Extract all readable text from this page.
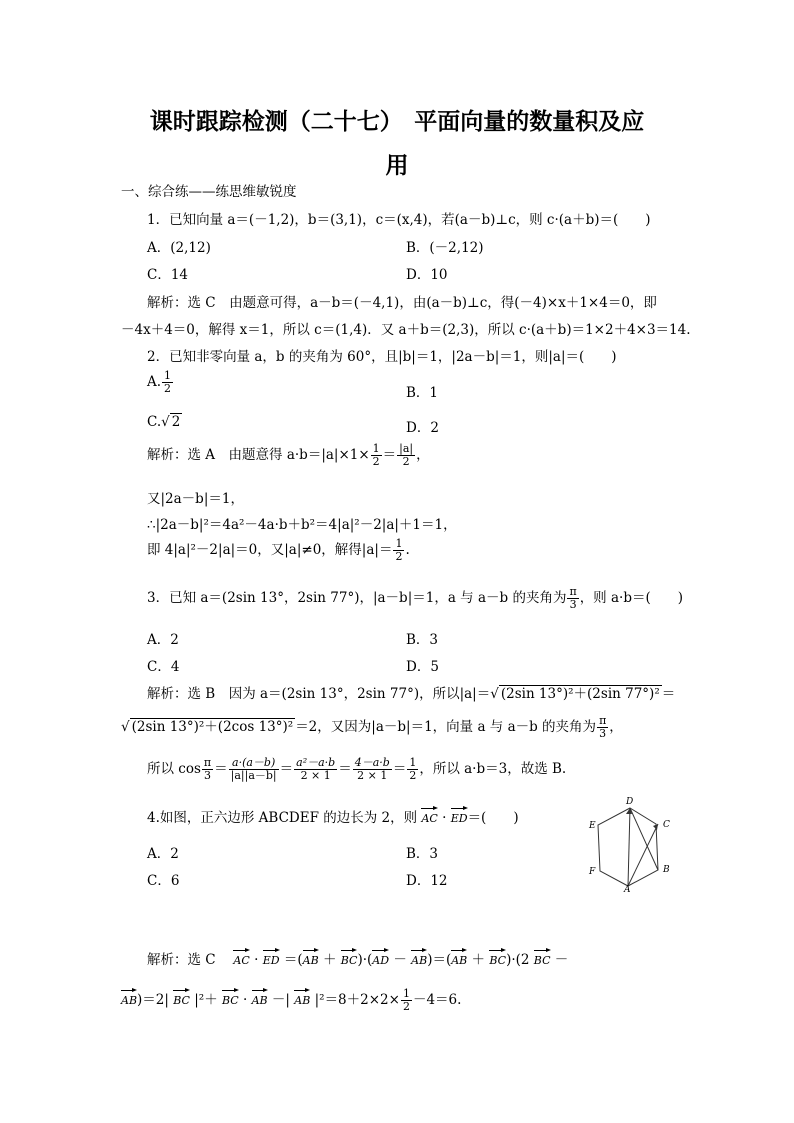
课时跟踪检测（二十七）　平面向量的数量积及应
用
一、综合练——练思维敏锐度
1．已知向量 a＝(－1,2)，b＝(3,1)，c＝(x,4)，若(a－b)⊥c，则 c·(a＋b)＝(　　)
A．(2,12)	B．(－2,12)
C．14	D．10
解析：选 C　由题意可得，a－b＝(－4,1)，由(a－b)⊥c，得(－4)×x＋1×4＝0，即
－4x＋4＝0，解得 x＝1，所以 c＝(1,4)．又 a＋b＝(2,3)，所以 c·(a＋b)＝1×2＋4×3＝14.
2．已知非零向量 a，b 的夹角为 60°，且|b|＝1，|2a－b|＝1，则|a|＝(　　)
A. $\frac{1}{2}$	B．1
C.√ 2	D．2
解析：选 A　由题意得 $a\cdot b=|a|\times 1\times \frac{1}{2} = \frac{|a|}{2}$ ，
又|2a－b|＝1，
∴|2a－b|²＝4a²－4a·b＋b²＝4|a|²－2|a|＋1＝1，
即 4|a|²－2|a|＝0，又|a|≠0，解得$|a|= \frac{1}{2}$ .
3．已知 a＝(2sin 13°，2sin 77°)，|a－b|＝1，a 与 a－b 的夹角为 $\frac{\pi}{3}$ ，则 a·b＝(　　)
A．2	B．3
C．4	D．5
解析：选 B　因为 a＝(2sin 13°，2sin 77°)，所以|a|＝√ (2sin 13°)²＋(2sin 77°)² ＝
√ (2sin 13°)²＋(2cos 13°)² ＝2，又因为|a－b|＝1，向量 a 与 a－b 的夹角为 $\frac{\pi}{3}$ ，
所以 $\cos \frac{\pi}{3} = \frac{a\cdot(a-b)}{|a||a-b|} = \frac{\text{a²－a·b}}{2 \times 1} = \frac{4-a\cdot b}{2 \times 1} = \frac{1}{2}$ ，所以 a·b＝3，故选 B.
4.如图，正六边形 ABCDEF 的边长为 2，则 AC · ED＝(　　)
A．2	B．3
C．6	D．12
D
C
B
A
F
E
解析：选 C　 AC · ED ＝(AB ＋ BC)·(AD － AB)＝(AB ＋ BC)·(2 BC －
AB)＝2| BC |²＋ BC · AB －| AB $|^2=8+2\times 2\times \frac{1}{2} -4=6$.
